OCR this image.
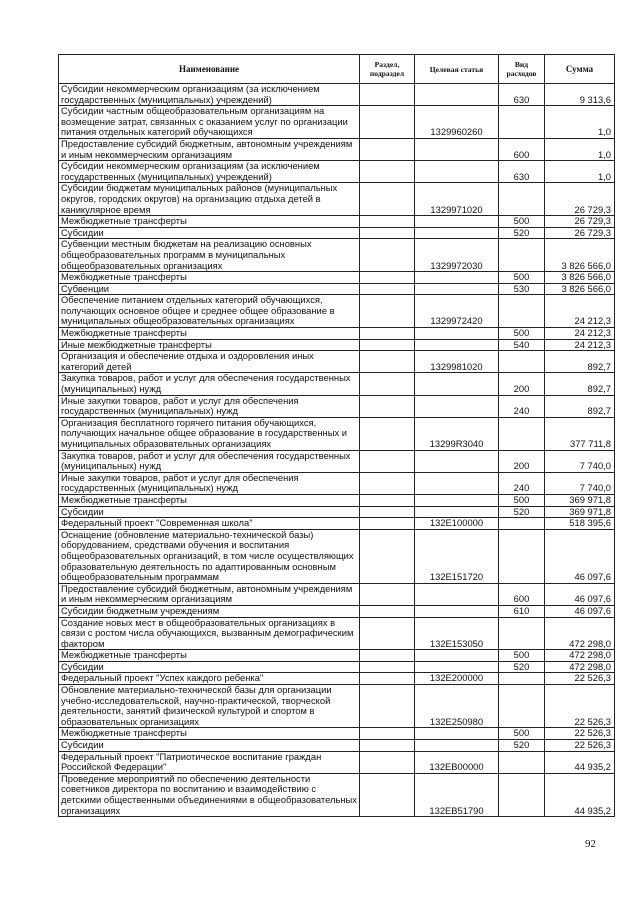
Наименование	Раздел, подраздел	Целевая статья	Вид расходов	Сумма
Субсидии некоммерческим организациям (за исключением государственных (муниципальных) учреждений)			630	9 313,6
Субсидии частным общеобразовательным организациям на возмещение затрат, связанных с оказанием услуг по организации питания отдельных категорий обучающихся		1329960260		1,0
Предоставление субсидий бюджетным, автономным учреждениям и иным некоммерческим организациям			600	1,0
Субсидии некоммерческим организациям (за исключением государственных (муниципальных) учреждений)			630	1,0
Субсидии бюджетам муниципальных районов (муниципальных округов, городских округов) на организацию отдыха детей в каникулярное время		1329971020		26 729,3
Межбюджетные трансферты			500	26 729,3
Субсидии			520	26 729,3
Субвенции местным бюджетам на реализацию основных общеобразовательных программ в муниципальных общеобразовательных организациях		1329972030		3 826 566,0
Межбюджетные трансферты			500	3 826 566,0
Субвенции			530	3 826 566,0
Обеспечение питанием отдельных категорий обучающихся, получающих основное общее и среднее общее образование в муниципальных общеобразовательных организациях		1329972420		24 212,3
Межбюджетные трансферты			500	24 212,3
Иные межбюджетные трансферты			540	24 212,3
Организация и обеспечение отдыха и оздоровления иных категорий детей		1329981020		892,7
Закупка товаров, работ и услуг для обеспечения государственных (муниципальных) нужд			200	892,7
Иные закупки товаров, работ и услуг для обеспечения государственных (муниципальных) нужд			240	892,7
Организация бесплатного горячего питания обучающихся, получающих начальное общее образование в государственных и муниципальных образовательных организациях		13299R3040		377 711,8
Закупка товаров, работ и услуг для обеспечения государственных (муниципальных) нужд			200	7 740,0
Иные закупки товаров, работ и услуг для обеспечения государственных (муниципальных) нужд			240	7 740,0
Межбюджетные трансферты			500	369 971,8
Субсидии			520	369 971,8
Федеральный проект "Современная школа"		132E100000		518 395,6
Оснащение (обновление материально-технической базы) оборудованием, средствами обучения и воспитания общеобразовательных организаций, в том числе осуществляющих образовательную деятельность по адаптированным основным общеобразовательным программам		132E151720		46 097,6
Предоставление субсидий бюджетным, автономным учреждениям и иным некоммерческим организациям			600	46 097,6
Субсидии бюджетным учреждениям			610	46 097,6
Создание новых мест в общеобразовательных организациях в связи с ростом числа обучающихся, вызванным демографическим фактором		132E153050		472 298,0
Межбюджетные трансферты			500	472 298,0
Субсидии			520	472 298,0
Федеральный проект "Успех каждого ребенка"		132E200000		22 526,3
Обновление материально-технической базы для организации учебно-исследовательской, научно-практической, творческой деятельности, занятий физической культурой и спортом в образовательных организациях		132E250980		22 526,3
Межбюджетные трансферты			500	22 526,3
Субсидии			520	22 526,3
Федеральный проект "Патриотическое воспитание граждан Российской Федерации"		132EB00000		44 935,2
Проведение мероприятий по обеспечению деятельности советников директора по воспитанию и взаимодействию с детскими общественными объединениями в общеобразовательных организациях		132EB51790		44 935,2
92
